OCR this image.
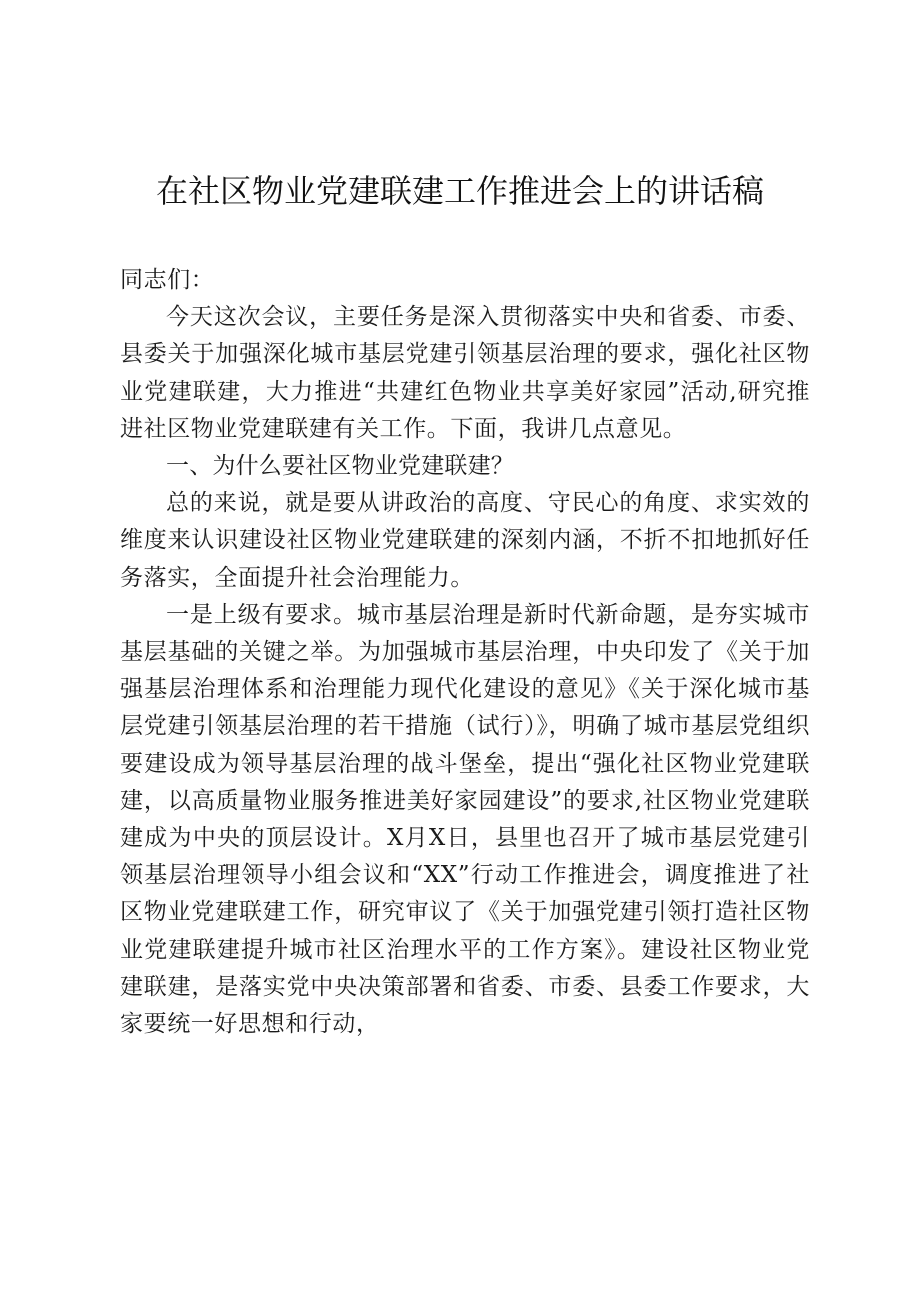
在社区物业党建联建工作推进会上的讲话稿

同志们：

今天这次会议，主要任务是深入贯彻落实中央和省委、市委、县委关于加强深化城市基层党建引领基层治理的要求，强化社区物业党建联建，大力推进“共建红色物业共享美好家园”活动,研究推进社区物业党建联建有关工作。下面，我讲几点意见。

一、为什么要社区物业党建联建？

总的来说，就是要从讲政治的高度、守民心的角度、求实效的维度来认识建设社区物业党建联建的深刻内涵，不折不扣地抓好任务落实，全面提升社会治理能力。

一是上级有要求。城市基层治理是新时代新命题，是夯实城市基层基础的关键之举。为加强城市基层治理，中央印发了《关于加强基层治理体系和治理能力现代化建设的意见》《关于深化城市基层党建引领基层治理的若干措施（试行）》，明确了城市基层党组织要建设成为领导基层治理的战斗堡垒，提出“强化社区物业党建联建，以高质量物业服务推进美好家园建设”的要求,社区物业党建联建成为中央的顶层设计。X月X日，县里也召开了城市基层党建引领基层治理领导小组会议和“XX”行动工作推进会，调度推进了社区物业党建联建工作，研究审议了《关于加强党建引领打造社区物业党建联建提升城市社区治理水平的工作方案》。建设社区物业党建联建，是落实党中央决策部署和省委、市委、县委工作要求，大家要统一好思想和行动，
